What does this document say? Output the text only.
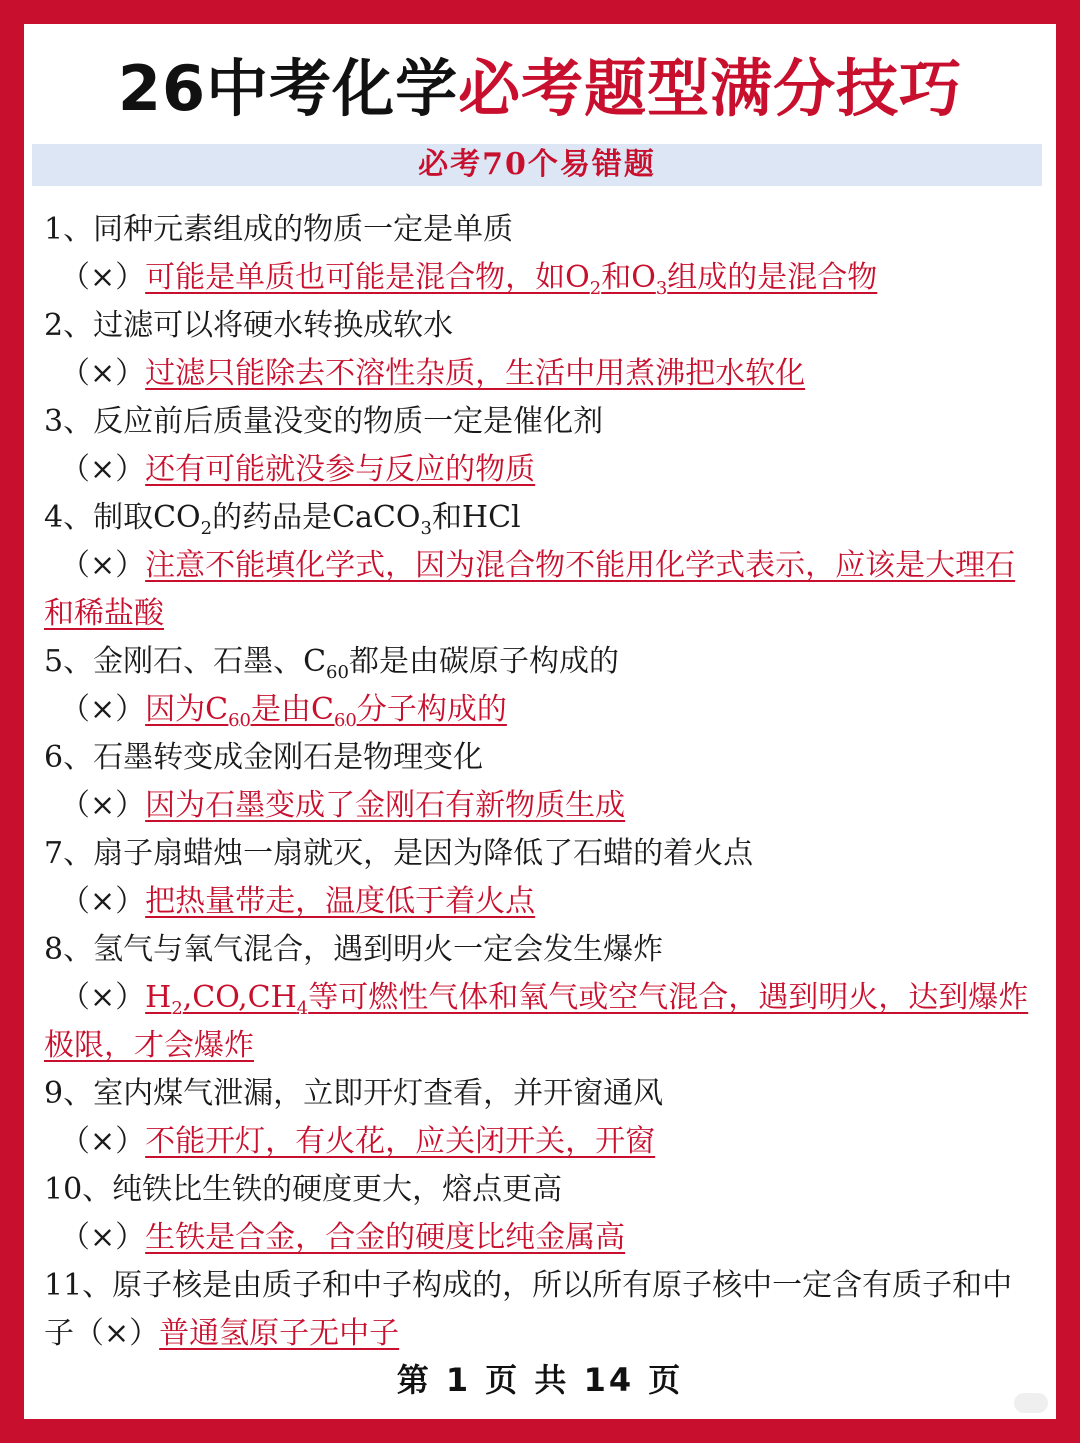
26中考化学必考题型满分技巧
必考70个易错题
1、同种元素组成的物质一定是单质
（×）可能是单质也可能是混合物，如$O_2$和$O_3$组成的是混合物
2、过滤可以将硬水转换成软水
（×）过滤只能除去不溶性杂质，生活中用煮沸把水软化
3、反应前后质量没变的物质一定是催化剂
（×）还有可能就没参与反应的物质
4、制取$CO_2$的药品是CaCO$_3$和HCl
（×）注意不能填化学式，因为混合物不能用化学式表示，应该是大理石
和稀盐酸
5、金刚石、石墨、$C_{60}$都是由碳原子构成的
（×）因为$C_{60}$是由$C_{60}$分子构成的
6、石墨转变成金刚石是物理变化
（×）因为石墨变成了金刚石有新物质生成
7、扇子扇蜡烛一扇就灭，是因为降低了石蜡的着火点
（×）把热量带走，温度低于着火点
8、氢气与氧气混合，遇到明火一定会发生爆炸
$(\times)H_2,CO,CH_4$等可燃性气体和氧气或空气混合，遇到明火，达到爆炸
极限，才会爆炸
9、室内煤气泄漏，立即开灯查看，并开窗通风
（×）不能开灯，有火花，应关闭开关，开窗
10、纯铁比生铁的硬度更大，熔点更高
（×）生铁是合金，合金的硬度比纯金属高
11、原子核是由质子和中子构成的，所以所有原子核中一定含有质子和中
子（×）普通氢原子无中子
第 1 页 共 14 页
